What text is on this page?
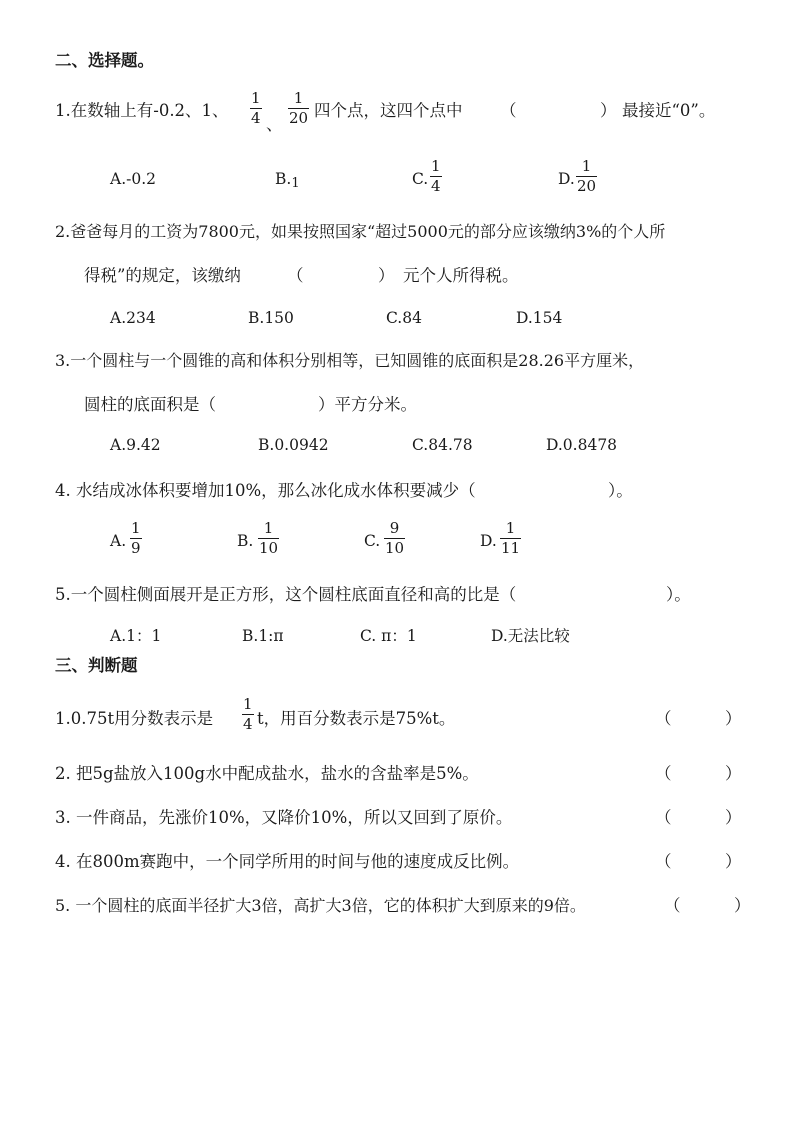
二、选择题。
1.在数轴上有-0.2、1、 $\frac{1}{4}$ 、 $\frac{1}{20}$ 四个点，这四个点中 （	） 最接近“0”。
A.-0.2	B.1	C. $\frac{1}{4}$	D. $\frac{1}{20}$
2.爸爸每月的工资为7800元，如果按照国家“超过5000元的部分应该缴纳3%的个人所
得税”的规定，该缴纳	（	） 元个人所得税。
A.234	B.150	C.84	D.154
3.一个圆柱与一个圆锥的高和体积分别相等，已知圆锥的底面积是28.26平方厘米，
圆柱的底面积是（	）平方分米。
A.9.42	B.0.0942	C.84.78	D.0.8478
4. 水结成冰体积要增加10%，那么冰化成水体积要减少（	）。
A. $\frac{1}{9}$	B. $\frac{1}{10}$	C. $\frac{9}{10}$	D. $\frac{1}{11}$
5.一个圆柱侧面展开是正方形，这个圆柱底面直径和高的比是（	）。
A.1：1	B.1:π	C. π：1	D.无法比较
三、判断题
1.0.75t用分数表示是 $\frac{1}{4}$ t，用百分数表示是75%t。	（	）
2. 把5g盐放入100g水中配成盐水，盐水的含盐率是5%。	（	）
3. 一件商品，先涨价10%，又降价10%，所以又回到了原价。	（	）
4. 在800m赛跑中，一个同学所用的时间与他的速度成反比例。	（	）
5. 一个圆柱的底面半径扩大3倍，高扩大3倍，它的体积扩大到原来的9倍。	（	）
